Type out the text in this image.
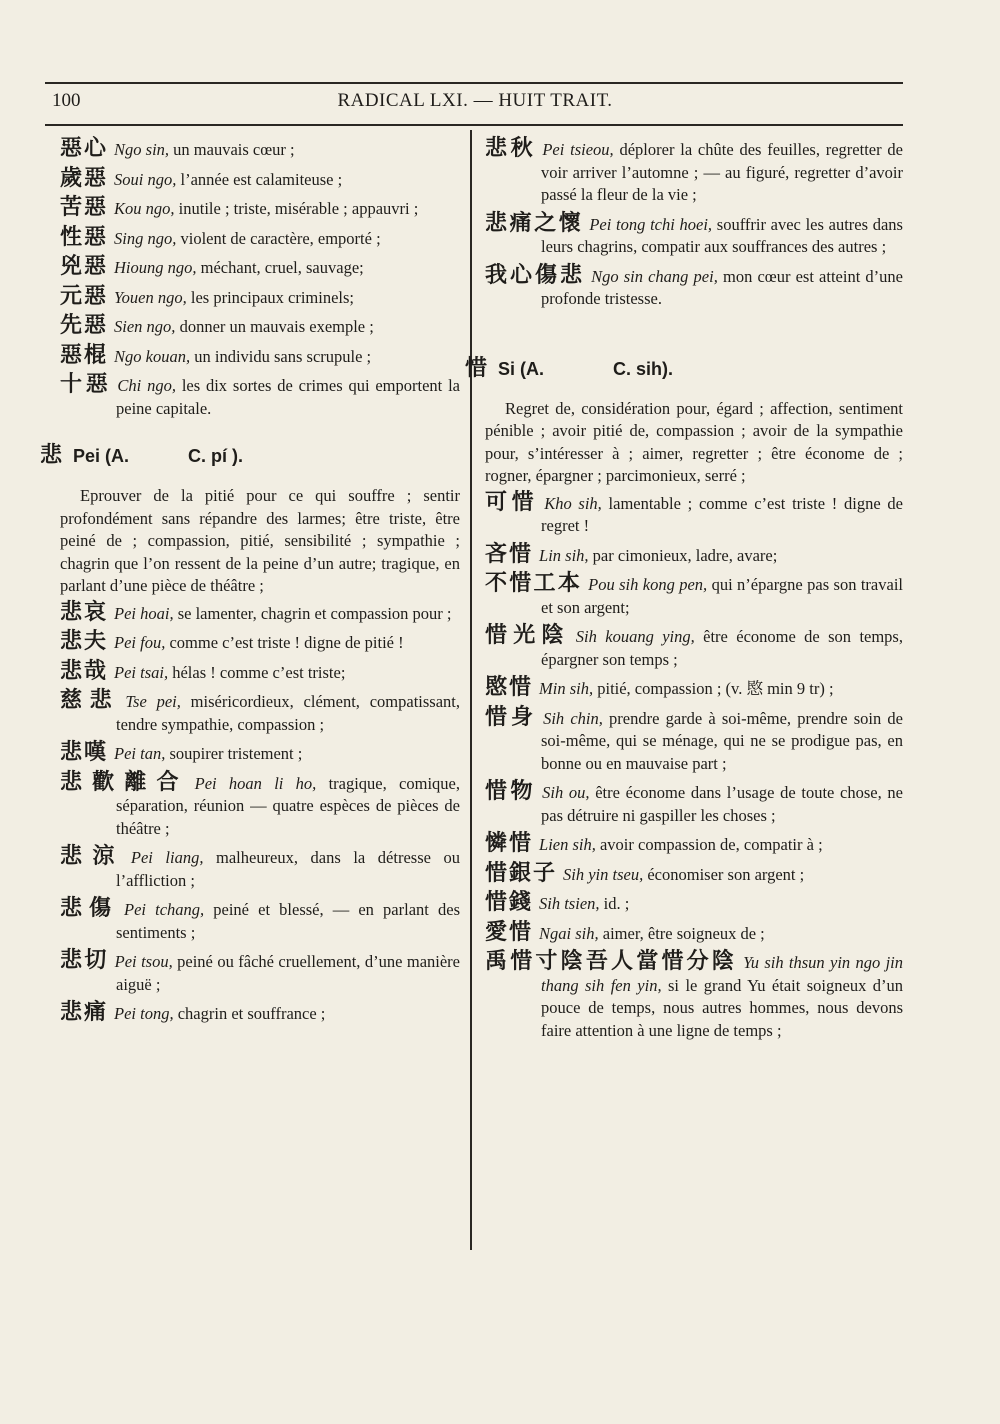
100	RADICAL LXI. — HUIT TRAIT.

惡心 Ngo sin, un mauvais cœur ;

歲惡 Soui ngo, l’année est calamiteuse ;

苦惡 Kou ngo, inutile ; triste, misérable ; appauvri ;

性惡 Sing ngo, violent de caractère, emporté ;

兇惡 Hioung ngo, méchant, cruel, sauvage;

元惡 Youen ngo, les principaux criminels;

先惡 Sien ngo, donner un mauvais exemple ;

惡棍 Ngo kouan, un individu sans scrupule ;

十惡 Chi ngo, les dix sortes de crimes qui emportent la peine capitale.

悲 Pei (A.	C. pí ).

Eprouver de la pitié pour ce qui souffre ; sentir profondément sans répandre des larmes; être triste, être peiné de ; compassion, pitié, sensibilité ; sympathie ; chagrin que l’on ressent de la peine d’un autre; tragique, en parlant d’une pièce de théâtre ;

悲哀 Pei hoai, se lamenter, chagrin et compassion pour ;

悲夫 Pei fou, comme c’est triste ! digne de pitié !

悲哉 Pei tsai, hélas ! comme c’est triste;

慈悲 Tse pei, miséricordieux, clément, compatissant, tendre sympathie, compassion ;

悲嘆 Pei tan, soupirer tristement ;

悲歡離合 Pei hoan li ho, tragique, comique, séparation, réunion — quatre espèces de pièces de théâtre ;

悲涼 Pei liang, malheureux, dans la détresse ou l’affliction ;

悲傷 Pei tchang, peiné et blessé, — en parlant des sentiments ;

悲切 Pei tsou, peiné ou fâché cruellement, d’une manière aiguë ;

悲痛 Pei tong, chagrin et souffrance ;

悲秋 Pei tsieou, déplorer la chûte des feuilles, regretter de voir arriver l’automne ; — au figuré, regretter d’avoir passé la fleur de la vie ;

悲痛之懷 Pei tong tchi hoei, souffrir avec les autres dans leurs chagrins, compatir aux souffrances des autres ;

我心傷悲 Ngo sin chang pei, mon cœur est atteint d’une profonde tristesse.

惜 Si (A.	C. sih).

Regret de, considération pour, égard ; affection, sentiment pénible ; avoir pitié de, compassion ; avoir de la sympathie pour, s’intéresser à ; aimer, regretter ; être économe de ; rogner, épargner ; parcimonieux, serré ;

可惜 Kho sih, lamentable ; comme c’est triste ! digne de regret !

吝惜 Lin sih, par cimonieux, ladre, avare;

不惜工本 Pou sih kong pen, qui n’épargne pas son travail et son argent;

惜光陰 Sih kouang ying, être économe de son temps, épargner son temps ;

愍惜 Min sih, pitié, compassion ; (v. 愍 min 9 tr) ;

惜身 Sih chin, prendre garde à soi-même, prendre soin de soi-même, qui se ménage, qui ne se prodigue pas, en bonne ou en mauvaise part ;

惜物 Sih ou, être économe dans l’usage de toute chose, ne pas détruire ni gaspiller les choses ;

憐惜 Lien sih, avoir compassion de, compatir à ;

惜銀子 Sih yin tseu, économiser son argent ;

惜錢 Sih tsien, id. ;

愛惜 Ngai sih, aimer, être soigneux de ;

禹惜寸陰吾人當惜分陰 Yu sih thsun yin ngo jin thang sih fen yin, si le grand Yu était soigneux d’un pouce de temps, nous autres hommes, nous devons faire attention à une ligne de temps ;
